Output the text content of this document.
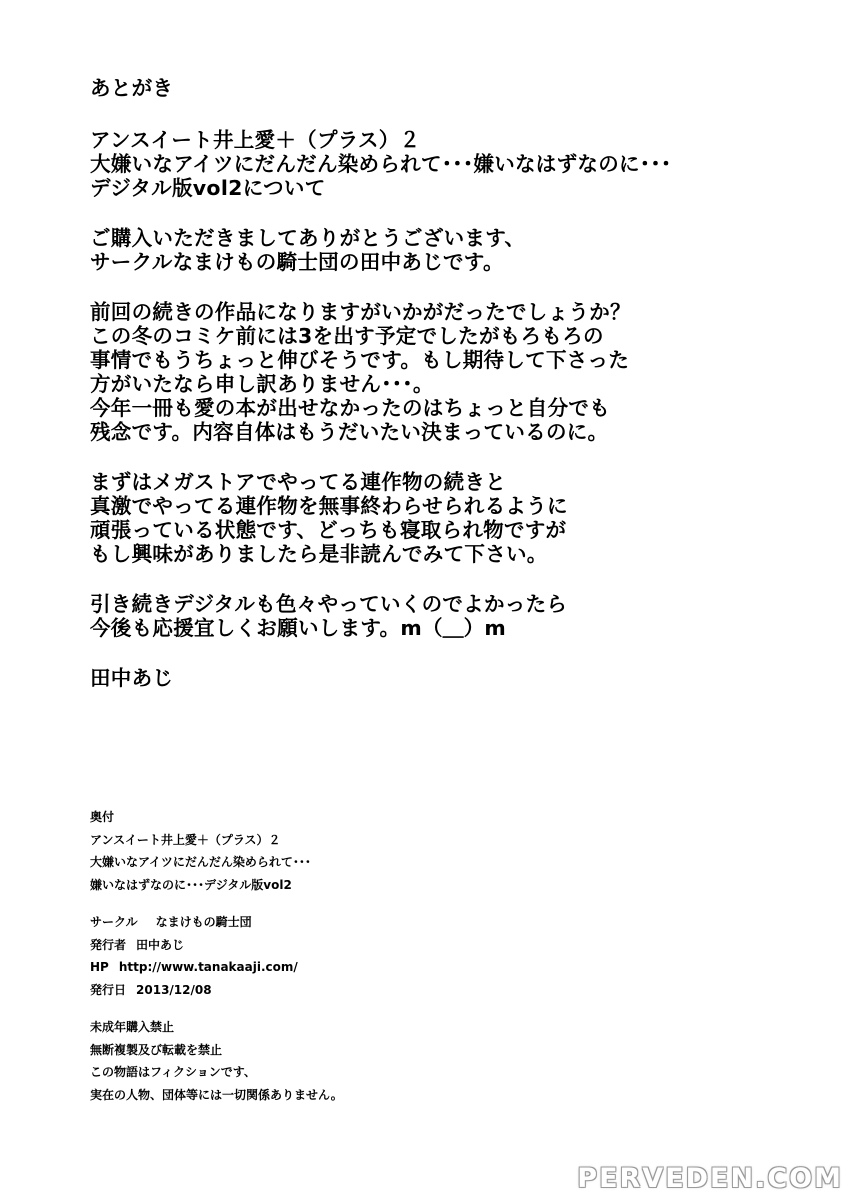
あとがき
アンスイート井上愛＋（プラス）２
大嫌いなアイツにだんだん染められて･･･嫌いなはずなのに･･･
デジタル版vol2について
ご購入いただきましてありがとうございます、
サークルなまけもの騎士団の田中あじです。
前回の続きの作品になりますがいかがだったでしょうか？
この冬のコミケ前には3を出す予定でしたがもろもろの
事情でもうちょっと伸びそうです。もし期待して下さった
方がいたなら申し訳ありません･･･。
今年一冊も愛の本が出せなかったのはちょっと自分でも
残念です。内容自体はもうだいたい決まっているのに。
まずはメガストアでやってる連作物の続きと
真激でやってる連作物を無事終わらせられるように
頑張っている状態です、どっちも寝取られ物ですが
もし興味がありましたら是非読んでみて下さい。
引き続きデジタルも色々やっていくのでよかったら
今後も応援宜しくお願いします。m（＿）m
田中あじ
奥付
アンスイート井上愛＋（プラス）２
大嫌いなアイツにだんだん染められて･･･
嫌いなはずなのに･･･デジタル版vol2
サークル なまけもの騎士団
発行者 田中あじ
HP http://www.tanakaaji.com/
発行日 2013/12/08
未成年購入禁止
無断複製及び転載を禁止
この物語はフィクションです、
実在の人物、団体等には一切関係ありません。
PERVEDEN.COM
